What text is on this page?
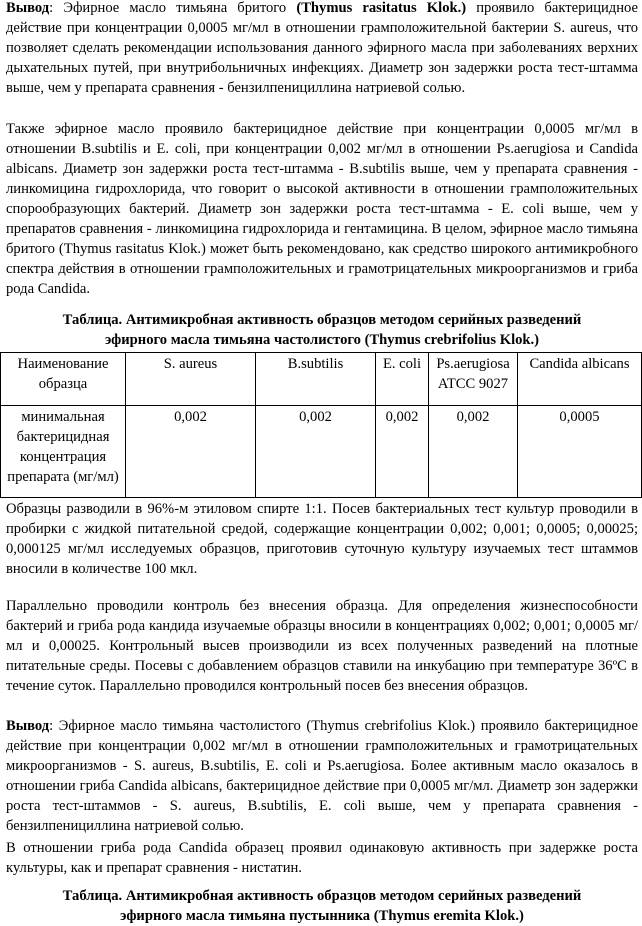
Вывод: Эфирное масло тимьяна бритого (Thymus rasitatus Klok.) проявило бактерицидное действие при концентрации 0,0005 мг/мл в отношении грамположительной бактерии S. aureus, что позволяет сделать рекомендации использования данного эфирного масла при заболеваниях верхних дыхательных путей, при внутрибольничных инфекциях. Диаметр зон задержки роста тест-штамма выше, чем у препарата сравнения - бензилпенициллина натриевой солью.

Также эфирное масло проявило бактерицидное действие при концентрации 0,0005 мг/мл в отношении B.subtilis и E. coli, при концентрации 0,002 мг/мл в отношении Ps.aerugiosa и Candida albicans. Диаметр зон задержки роста тест-штамма - B.subtilis выше, чем у препарата сравнения - линкомицина гидрохлорида, что говорит о высокой активности в отношении грамположительных спорообразующих бактерий. Диаметр зон задержки роста тест-штамма - E. coli выше, чем у препаратов сравнения - линкомицина гидрохлорида и гентамицина. В целом, эфирное масло тимьяна бритого (Thymus rasitatus Klok.) может быть рекомендовано, как средство широкого антимикробного спектра действия в отношении грамположительных и грамотрицательных микроорганизмов и гриба рода Candida.

Таблица. Антимикробная активность образцов методом серийных разведений
эфирного масла тимьяна частолистого (Thymus crebrifolius Klok.)
Наименование образца	S. aureus	B.subtilis	E. coli	Ps.aerugiosa ATCC 9027	Candida albicans
минимальная бактерицидная концентрация препарата (мг/мл)	0,002	0,002	0,002	0,002	0,0005

Образцы разводили в 96%-м этиловом спирте 1:1. Посев бактериальных тест культур проводили в пробирки с жидкой питательной средой, содержащие концентрации 0,002; 0,001; 0,0005; 0,00025; 0,000125 мг/мл исследуемых образцов, приготовив суточную культуру изучаемых тест штаммов вносили в количестве 100 мкл.

Параллельно проводили контроль без внесения образца. Для определения жизнеспособности бактерий и гриба рода кандида изучаемые образцы вносили в концентрациях 0,002; 0,001; 0,0005 мг/мл и 0,00025. Контрольный высев производили из всех полученных разведений на плотные питательные среды. Посевы с добавлением образцов ставили на инкубацию при температуре 36ºС в течение суток. Параллельно проводился контрольный посев без внесения образцов.

Вывод: Эфирное масло тимьяна частолистого (Thymus crebrifolius Klok.) проявило бактерицидное действие при концентрации 0,002 мг/мл в отношении грамположительных и грамотрицательных микроорганизмов - S. aureus, B.subtilis, E. coli и Ps.aerugiosa. Более активным масло оказалось в отношении гриба Candida albicans, бактерицидное действие при 0,0005 мг/мл. Диаметр зон задержки роста тест-штаммов - S. aureus, B.subtilis, E. coli выше, чем у препарата сравнения - бензилпенициллина натриевой солью.

В отношении гриба рода Candida образец проявил одинаковую активность при задержке роста культуры, как и препарат сравнения - нистатин.

Таблица. Антимикробная активность образцов методом серийных разведений
эфирного масла тимьяна пустынника (Thymus eremita Klok.)
